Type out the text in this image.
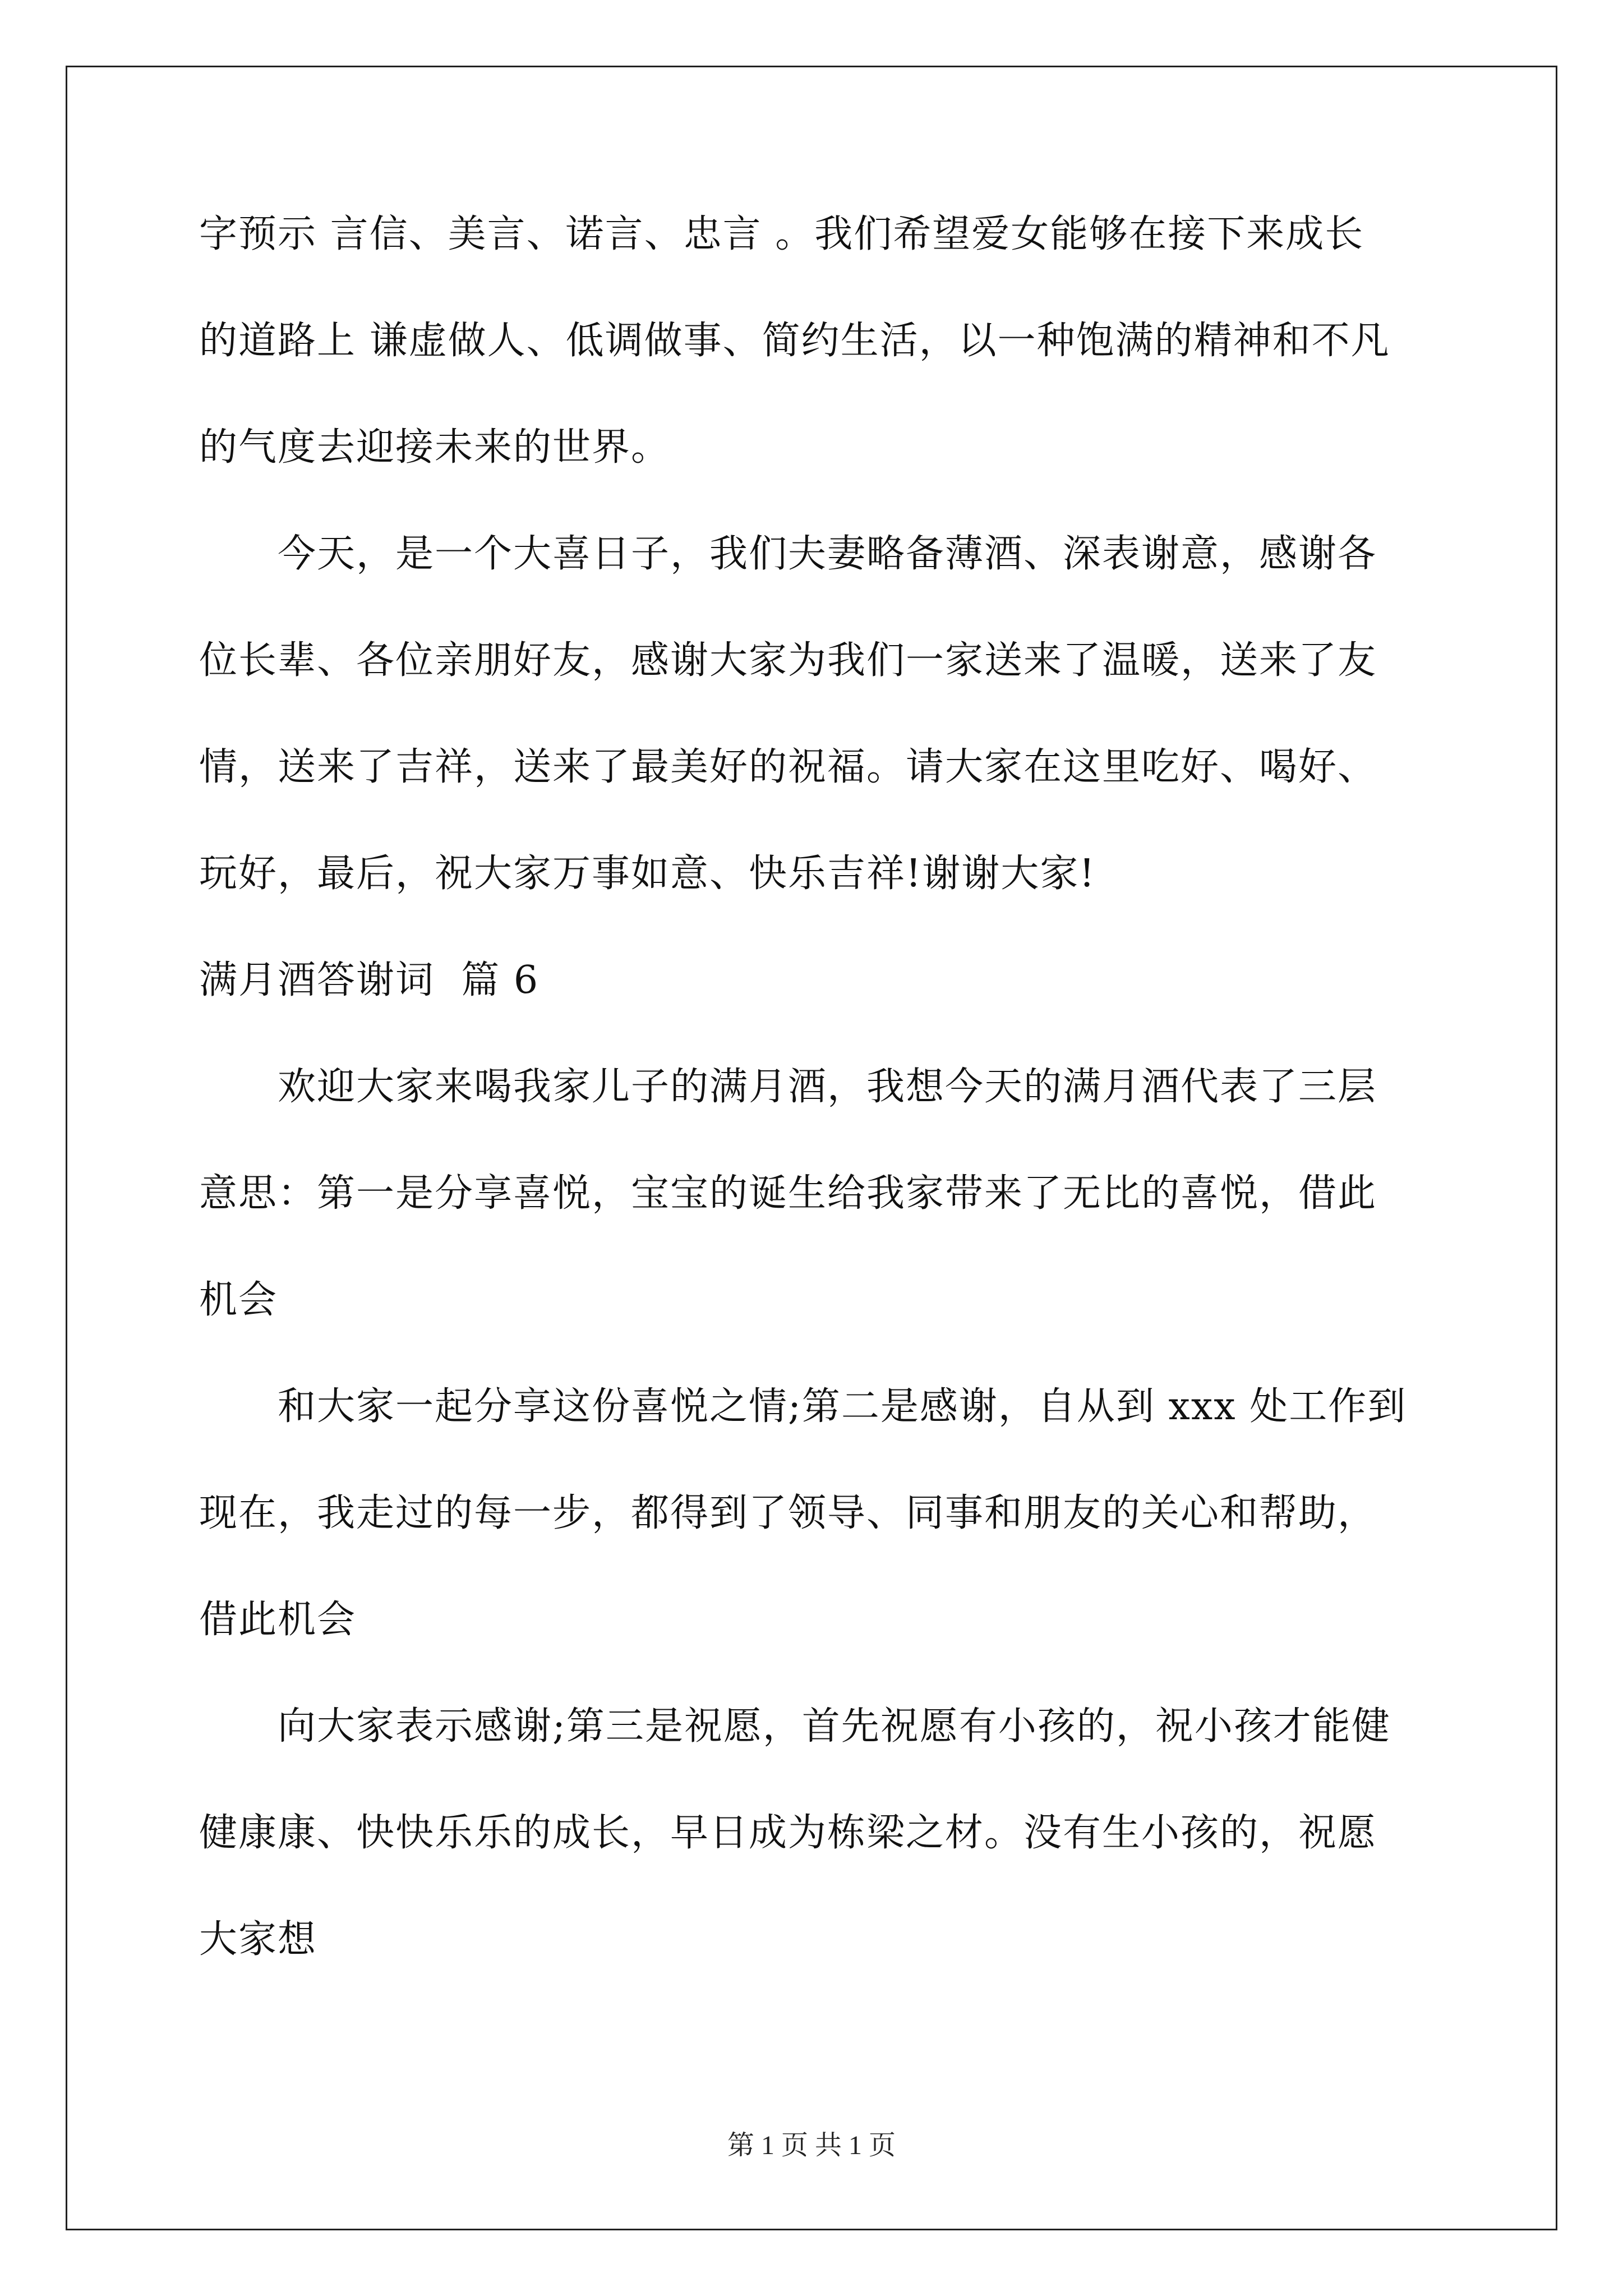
字预示 言信、美言、诺言、忠言 。我们希望爱女能够在接下来成长
的道路上 谦虚做人、低调做事、简约生活，以一种饱满的精神和不凡
的气度去迎接未来的世界。
　　今天，是一个大喜日子，我们夫妻略备薄酒、深表谢意，感谢各
位长辈、各位亲朋好友，感谢大家为我们一家送来了温暖，送来了友
情，送来了吉祥，送来了最美好的祝福。请大家在这里吃好、喝好、
玩好，最后，祝大家万事如意、快乐吉祥!谢谢大家!
满月酒答谢词  篇 6
　　欢迎大家来喝我家儿子的满月酒，我想今天的满月酒代表了三层
意思：第一是分享喜悦，宝宝的诞生给我家带来了无比的喜悦，借此
机会
　　和大家一起分享这份喜悦之情;第二是感谢，自从到 xxx 处工作到
现在，我走过的每一步，都得到了领导、同事和朋友的关心和帮助，
借此机会
　　向大家表示感谢;第三是祝愿，首先祝愿有小孩的，祝小孩才能健
健康康、快快乐乐的成长，早日成为栋梁之材。没有生小孩的，祝愿
大家想
第 1 页 共 1 页
